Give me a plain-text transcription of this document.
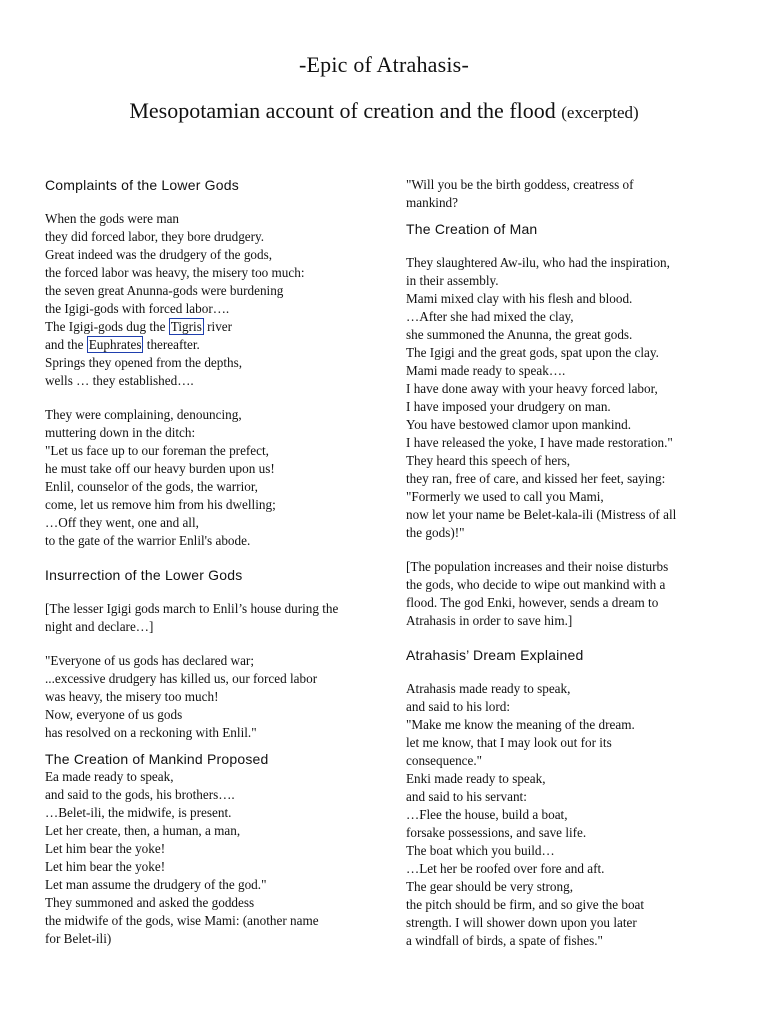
-Epic of Atrahasis-
Mesopotamian account of creation and the flood (excerpted)
Complaints of the Lower Gods
When the gods were man
they did forced labor, they bore drudgery.
Great indeed was the drudgery of the gods,
the forced labor was heavy, the misery too much:
the seven great Anunna-gods were burdening
the Igigi-gods with forced labor….
The Igigi-gods dug the Tigris river
and the Euphrates thereafter.
Springs they opened from the depths,
wells … they established….
They were complaining, denouncing,
muttering down in the ditch:
"Let us face up to our foreman the prefect,
he must take off our heavy burden upon us!
Enlil, counselor of the gods, the warrior,
come, let us remove him from his dwelling;
…Off they went, one and all,
to the gate of the warrior Enlil's abode.
Insurrection of the Lower Gods
[The lesser Igigi gods march to Enlil’s house during the night and declare…]
"Everyone of us gods has declared war;
...excessive drudgery has killed us, our forced labor
was heavy, the misery too much!
Now, everyone of us gods
has resolved on a reckoning with Enlil."
The Creation of Mankind Proposed
Ea made ready to speak,
and said to the gods, his brothers….
…Belet-ili, the midwife, is present.
Let her create, then, a human, a man,
Let him bear the yoke!
Let him bear the yoke!
Let man assume the drudgery of the god."
They summoned and asked the goddess
the midwife of the gods, wise Mami: (another name
for Belet-ili)
"Will you be the birth goddess, creatress of
mankind?
The Creation of Man
They slaughtered Aw-ilu, who had the inspiration,
in their assembly.
Mami mixed clay with his flesh and blood.
…After she had mixed the clay,
she summoned the Anunna, the great gods.
The Igigi and the great gods, spat upon the clay.
Mami made ready to speak….
I have done away with your heavy forced labor,
I have imposed your drudgery on man.
You have bestowed clamor upon mankind.
I have released the yoke, I have made restoration."
They heard this speech of hers,
they ran, free of care, and kissed her feet, saying:
"Formerly we used to call you Mami,
now let your name be Belet-kala-ili (Mistress of all
the gods)!"
[The population increases and their noise disturbs
the gods, who decide to wipe out mankind with a
flood. The god Enki, however, sends a dream to
Atrahasis in order to save him.]
Atrahasis’ Dream Explained
Atrahasis made ready to speak,
and said to his lord:
"Make me know the meaning of the dream.
let me know, that I may look out for its
consequence."
Enki made ready to speak,
and said to his servant:
…Flee the house, build a boat,
forsake possessions, and save life.
The boat which you build…
…Let her be roofed over fore and aft.
The gear should be very strong,
the pitch should be firm, and so give the boat
strength. I will shower down upon you later
a windfall of birds, a spate of fishes."
